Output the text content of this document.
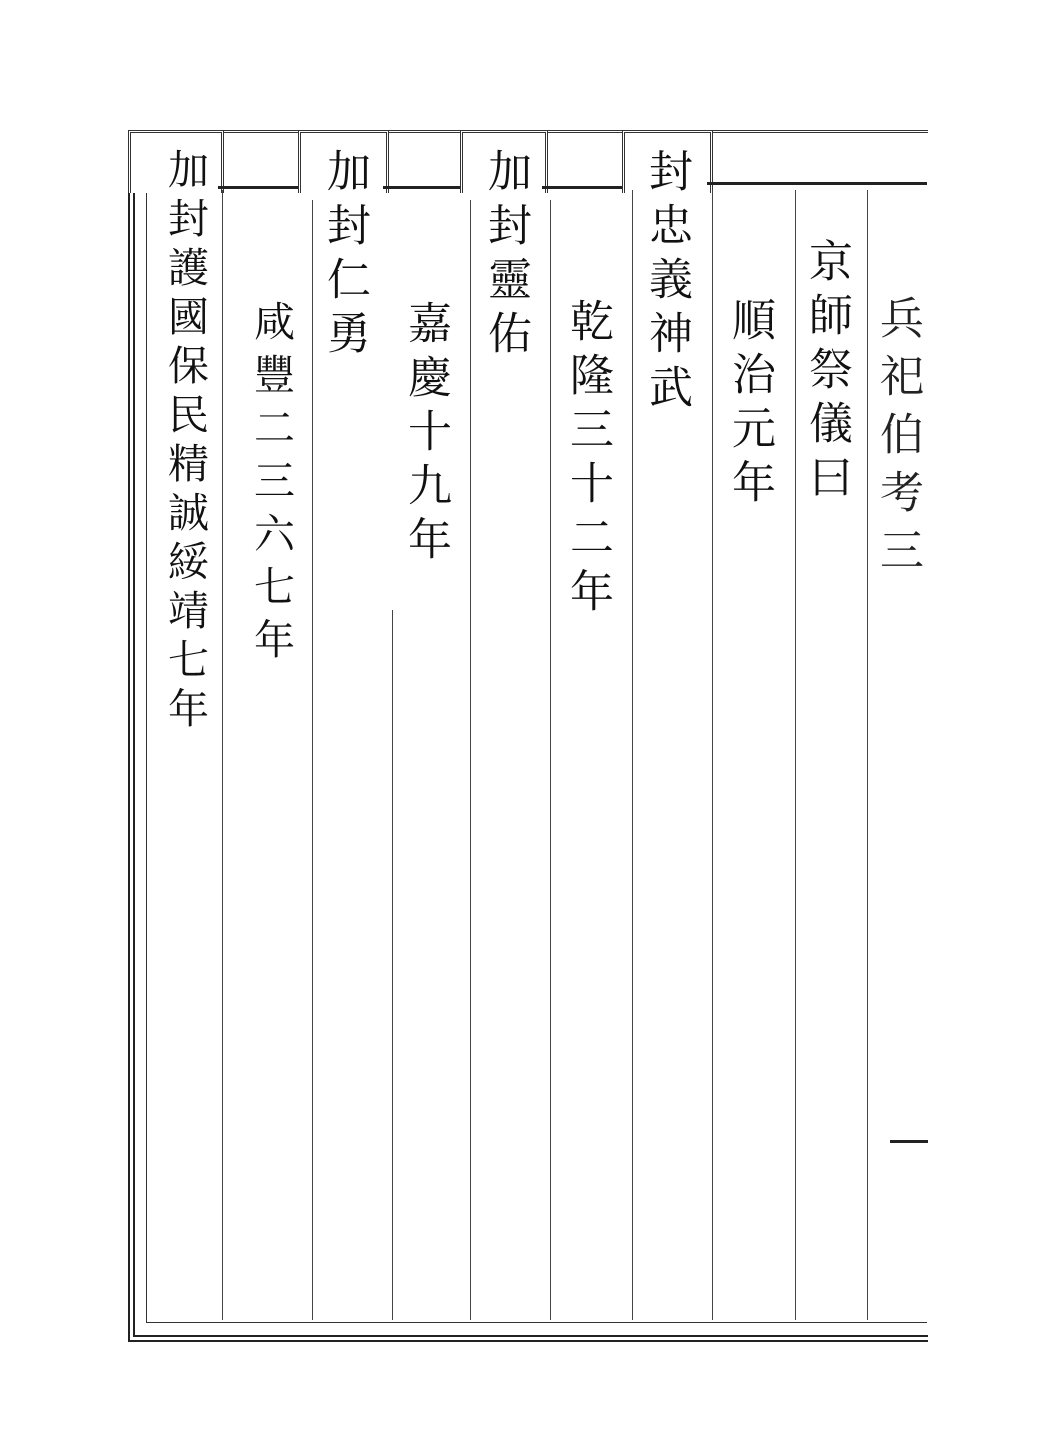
兵祀伯考三
京師祭儀曰
順治元年
封忠義神武
乾隆三十二年
加封靈佑
嘉慶十九年
加封仁勇
咸豐二三六七年
加封護國保民精誠綏靖七年
